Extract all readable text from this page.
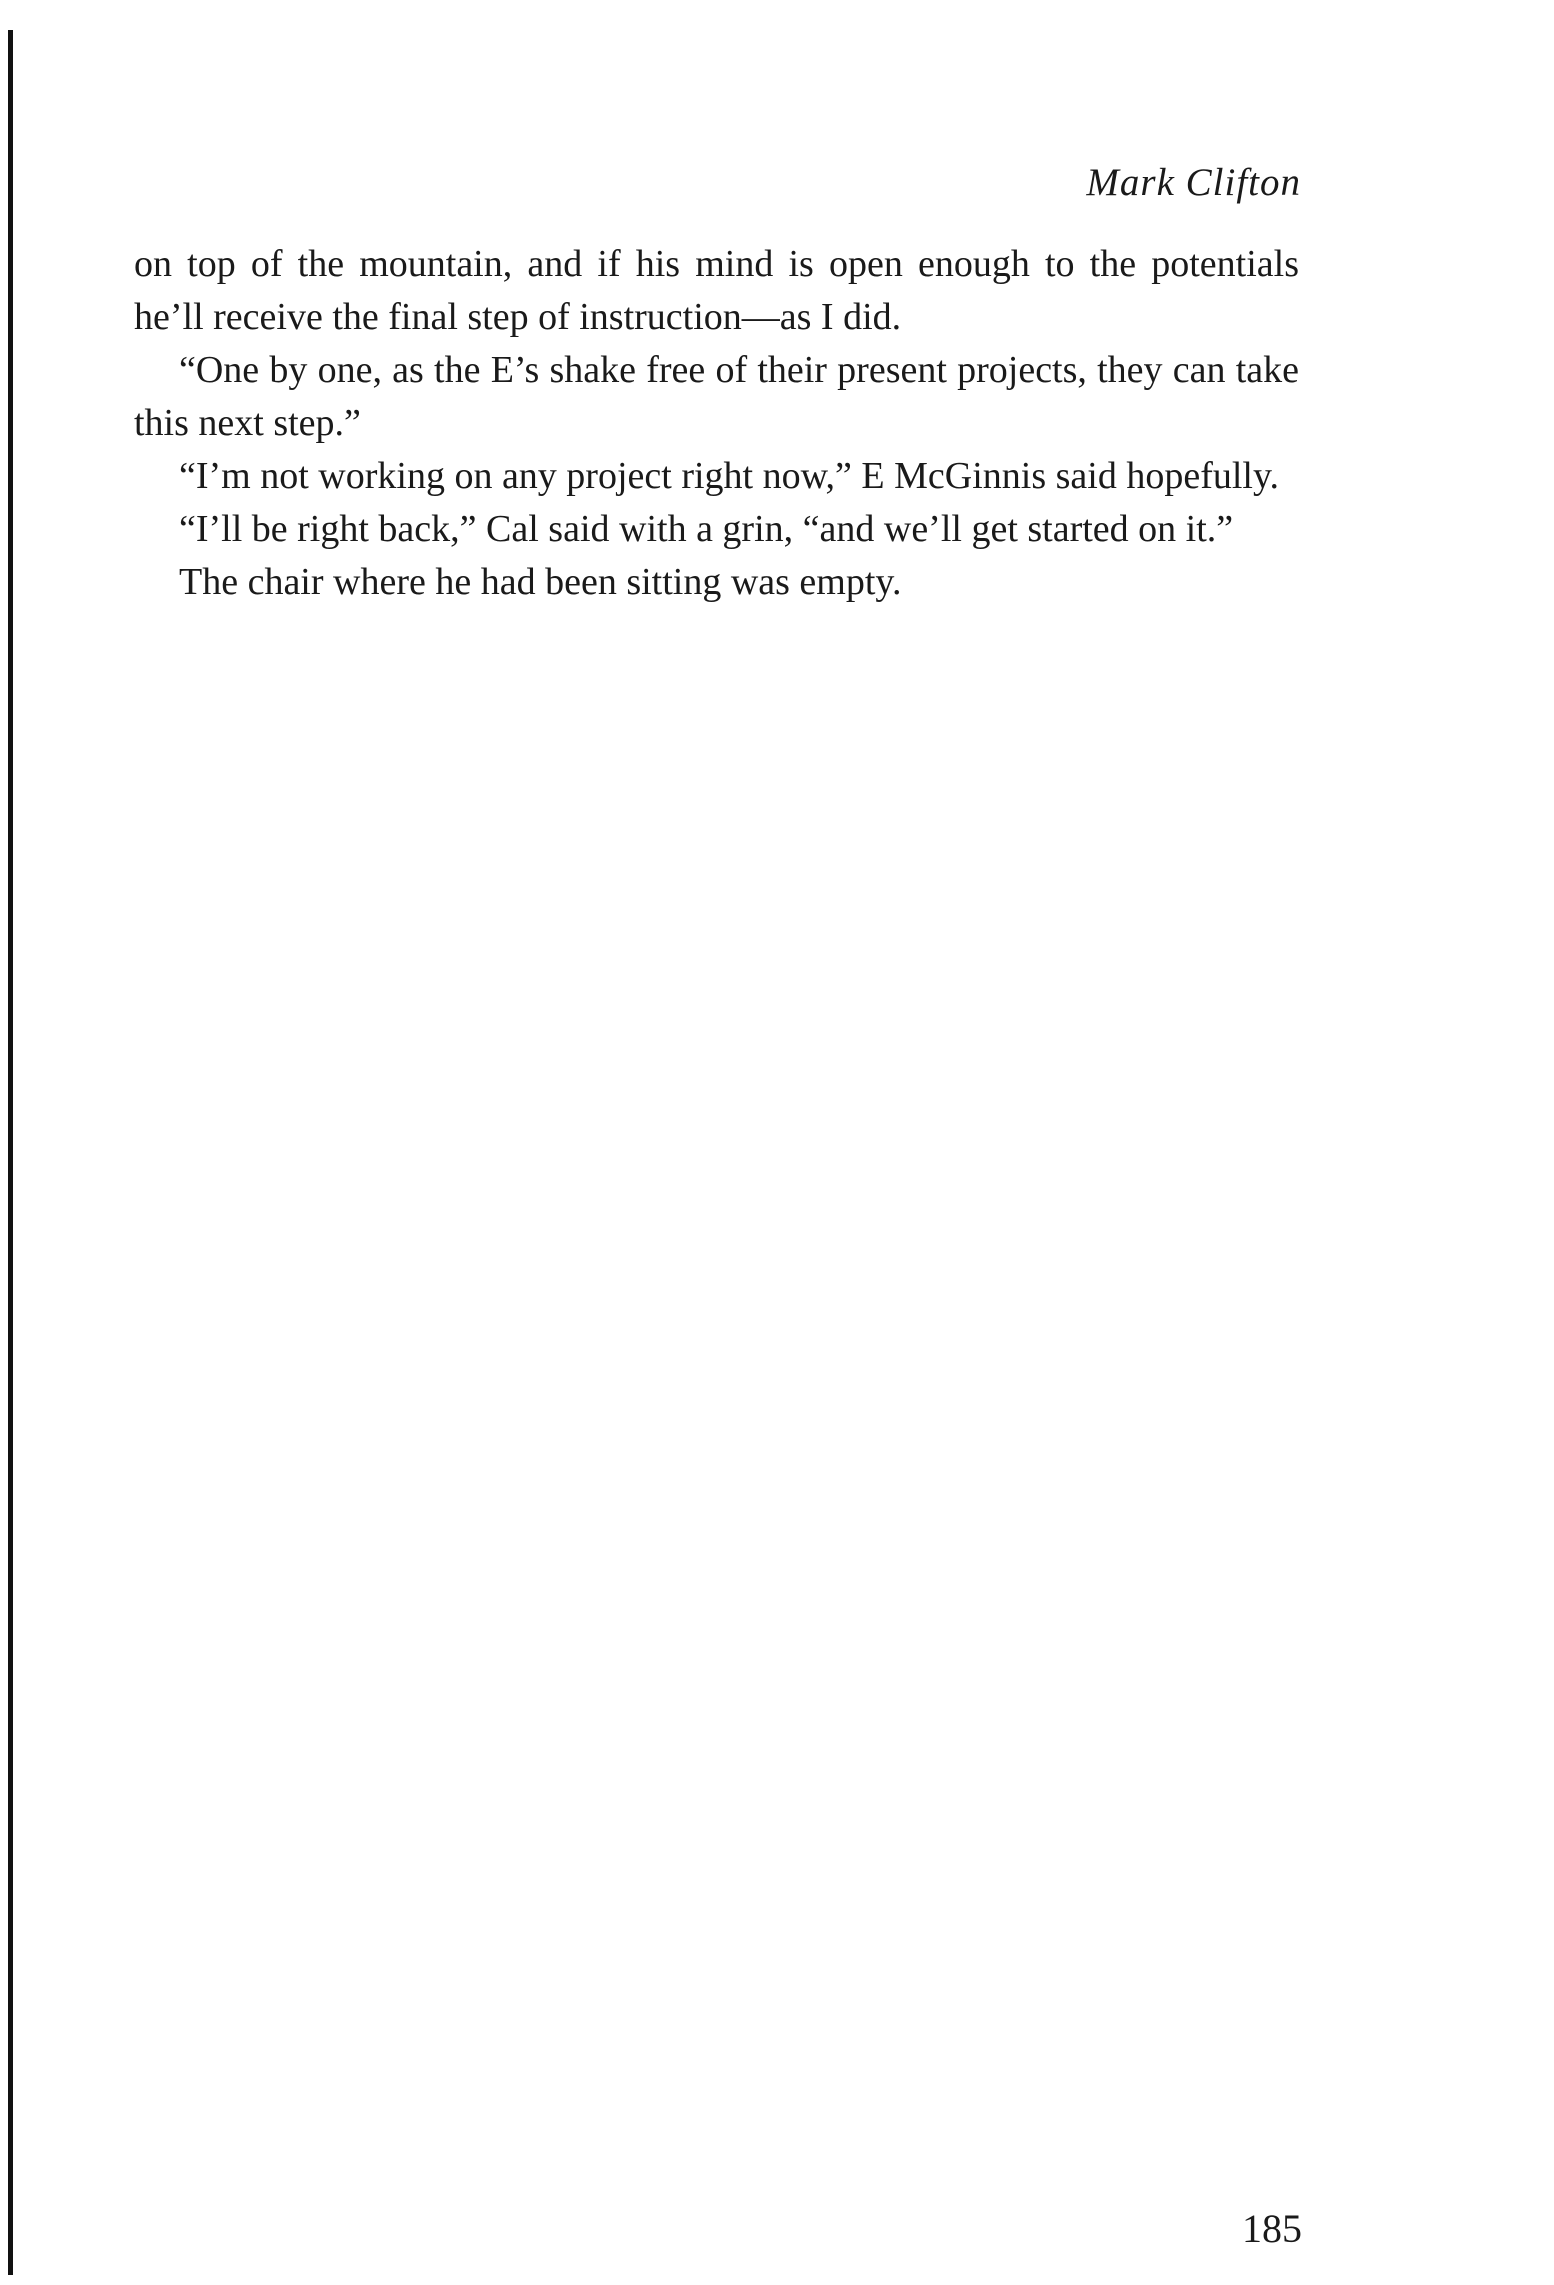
Mark Clifton

on top of the mountain, and if his mind is open enough to the potentials he’ll receive the final step of instruction—as I did.

“One by one, as the E’s shake free of their present projects, they can take this next step.”

“I’m not working on any project right now,” E McGinnis said hopefully.

“I’ll be right back,” Cal said with a grin, “and we’ll get started on it.”

The chair where he had been sitting was empty.

185
